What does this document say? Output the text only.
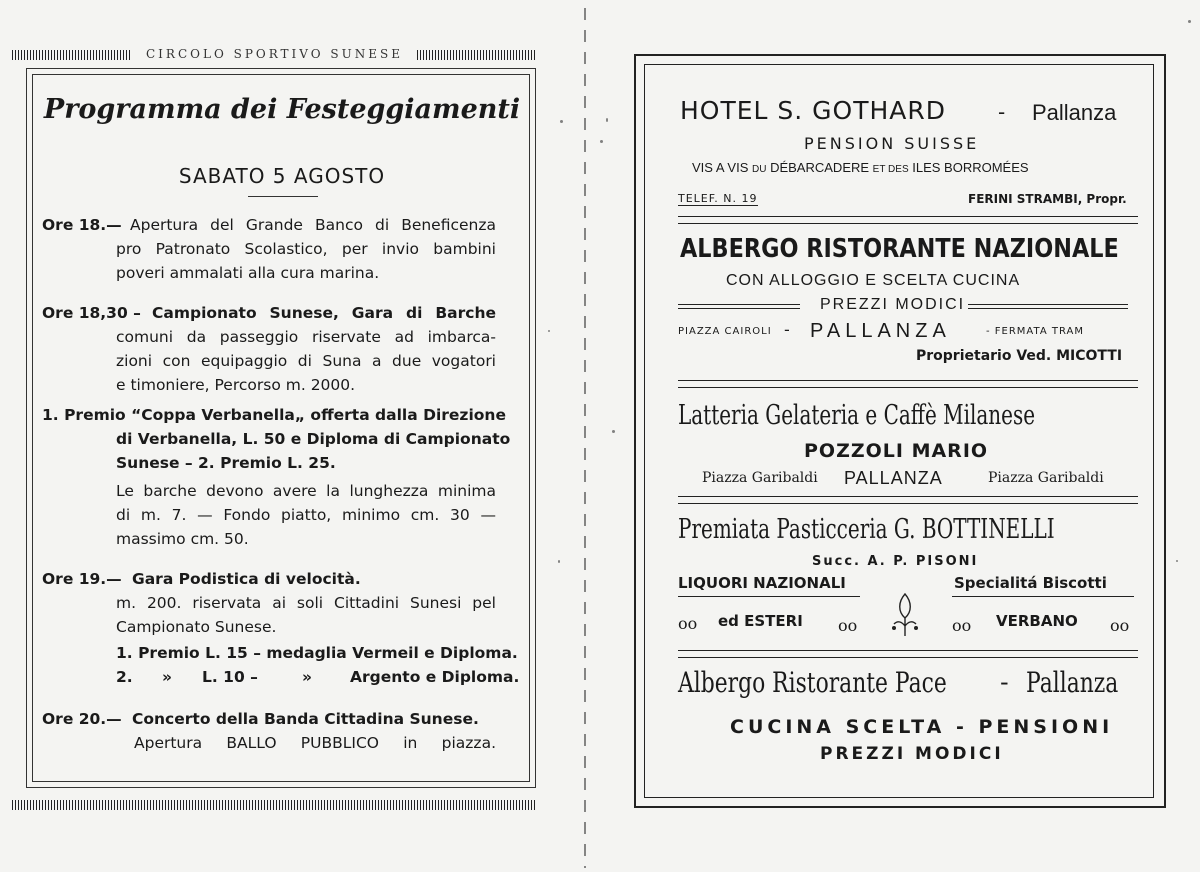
CIRCOLO SPORTIVO SUNESE
Programma dei Festeggiamenti
SABATO 5 AGOSTO
Ore 18.— Apertura del Grande Banco di Beneficenza
pro Patronato Scolastico, per invio bambini
poveri ammalati alla cura marina.
Ore 18,30 – Campionato Sunese, Gara di Barche
comuni da passeggio riservate ad imbarca-
zioni con equipaggio di Suna a due vogatori
e timoniere, Percorso m. 2000.
1. Premio “Coppa Verbanella„ offerta dalla Direzione
di Verbanella, L. 50 e Diploma di Campionato
Sunese – 2. Premio L. 25.
Le barche devono avere la lunghezza minima
di m. 7. — Fondo piatto, minimo cm. 30 —
massimo cm. 50.
Ore 19.— Gara Podistica di velocità.
m. 200. riservata ai soli Cittadini Sunesi pel
Campionato Sunese.
1. Premio L. 15 – medaglia Vermeil e Diploma.
2. » L. 10 –	» Argento e Diploma.
Ore 20.— Concerto della Banda Cittadina Sunese.
Apertura BALLO PUBBLICO in piazza.
HOTEL S. GOTHARD	- Pallanza
PENSION SUISSE
VIS A VIS DU DÉBARCADERE ET DES ILES BORROMÉES
TELEF. N. 19	FERINI STRAMBI, Propr.
ALBERGO RISTORANTE NAZIONALE
CON ALLOGGIO E SCELTA CUCINA
PREZZI MODICI
PIAZZA CAIROLI - PALLANZA	- FERMATA TRAM
Proprietario Ved. MICOTTI
Latteria Gelateria e Caffè Milanese
POZZOLI MARIO
Piazza Garibaldi PALLANZA	Piazza Garibaldi
Premiata Pasticceria G. BOTTINELLI
Succ. A. P. PISONI
LIQUORI NAZIONALI	Specialitá Biscotti
oo ed ESTERI oo	oo VERBANO oo
Albergo Ristorante Pace - Pallanza
CUCINA SCELTA - PENSIONI
PREZZI MODICI
